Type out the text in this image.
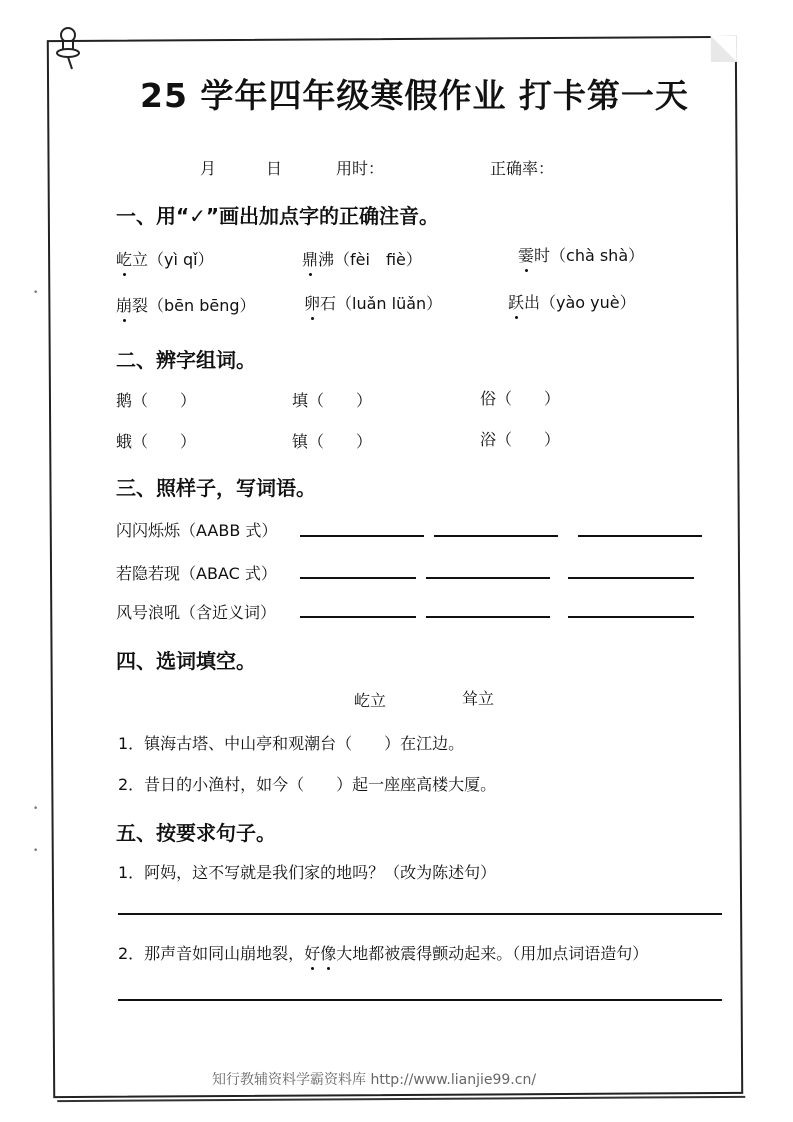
25 学年四年级寒假作业 打卡第一天
月	日	用时：	正确率：
一、用“✓”画出加点字的正确注音。
屹立（yì qǐ）	鼎沸（fèi　fiè）	霎时（chà shà）
崩裂（bēn bēng）	卵石（luǎn lüǎn）	跃出（yào yuè）
二、辨字组词。
鹅（　　）	填（　　）	俗（　　）
蛾（　　）	镇（　　）	浴（　　）
三、照样子，写词语。
闪闪烁烁（AABB 式）
若隐若现（ABAC 式）
风号浪吼（含近义词）
四、选词填空。
屹立	耸立
1．镇海古塔、中山亭和观潮台（　　）在江边。
2．昔日的小渔村，如今（　　）起一座座高楼大厦。
五、按要求句子。
1．阿妈，这不写就是我们家的地吗？（改为陈述句）
2．那声音如同山崩地裂，好像大地都被震得颤动起来。（用加点词语造句）
知行教辅资料学霸资料库 http://www.lianjie99.cn/
•
•
•
